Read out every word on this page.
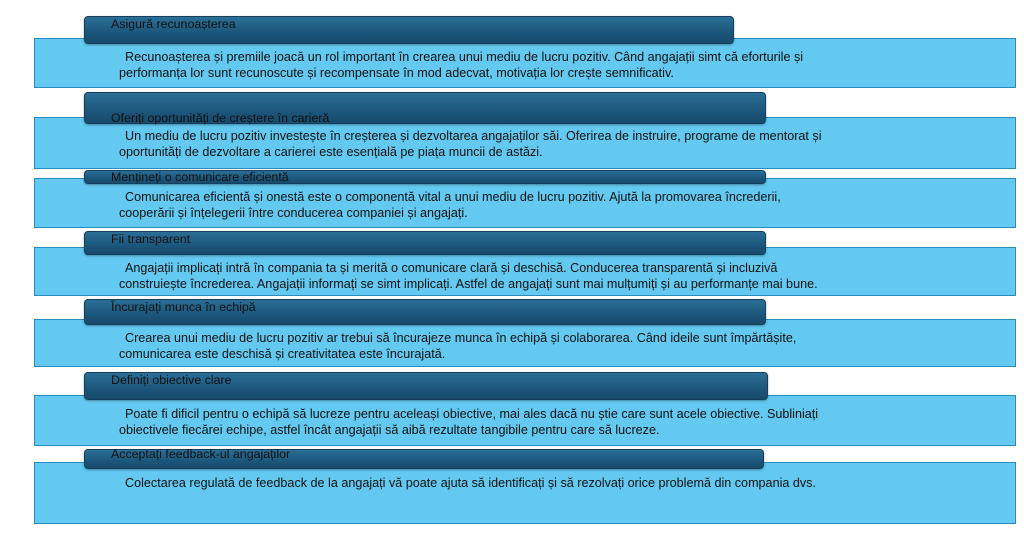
Recunoașterea și premiile joacă un rol important în crearea unui mediu de lucru pozitiv. Când angajații simt că eforturile și
performanța lor sunt recunoscute și recompensate în mod adecvat, motivația lor crește semnificativ.
Asigură recunoașterea
Un mediu de lucru pozitiv investește în creșterea și dezvoltarea angajaților săi. Oferirea de instruire, programe de mentorat și
oportunități de dezvoltare a carierei este esențială pe piața muncii de astăzi.
Oferiți oportunități de creștere în carieră
Comunicarea eficientă și onestă este o componentă vital a unui mediu de lucru pozitiv. Ajută la promovarea încrederii,
cooperării și înțelegerii între conducerea companiei și angajați.
Mențineți o comunicare eficientă
Angajații implicați intră în compania ta și merită o comunicare clară și deschisă. Conducerea transparentă și incluzivă
construiește încrederea. Angajații informați se simt implicați. Astfel de angajați sunt mai mulțumiți și au performanțe mai bune.
Fii transparent
Crearea unui mediu de lucru pozitiv ar trebui să încurajeze munca în echipă și colaborarea. Când ideile sunt împărtășite,
comunicarea este deschisă și creativitatea este încurajată.
Încurajați munca în echipă
Poate fi dificil pentru o echipă să lucreze pentru aceleași obiective, mai ales dacă nu știe care sunt acele obiective. Subliniați
obiectivele fiecărei echipe, astfel încât angajații să aibă rezultate tangibile pentru care să lucreze.
Definiți obiective clare
Colectarea regulată de feedback de la angajați vă poate ajuta să identificați și să rezolvați orice problemă din compania dvs.
Acceptați feedback-ul angajaților
